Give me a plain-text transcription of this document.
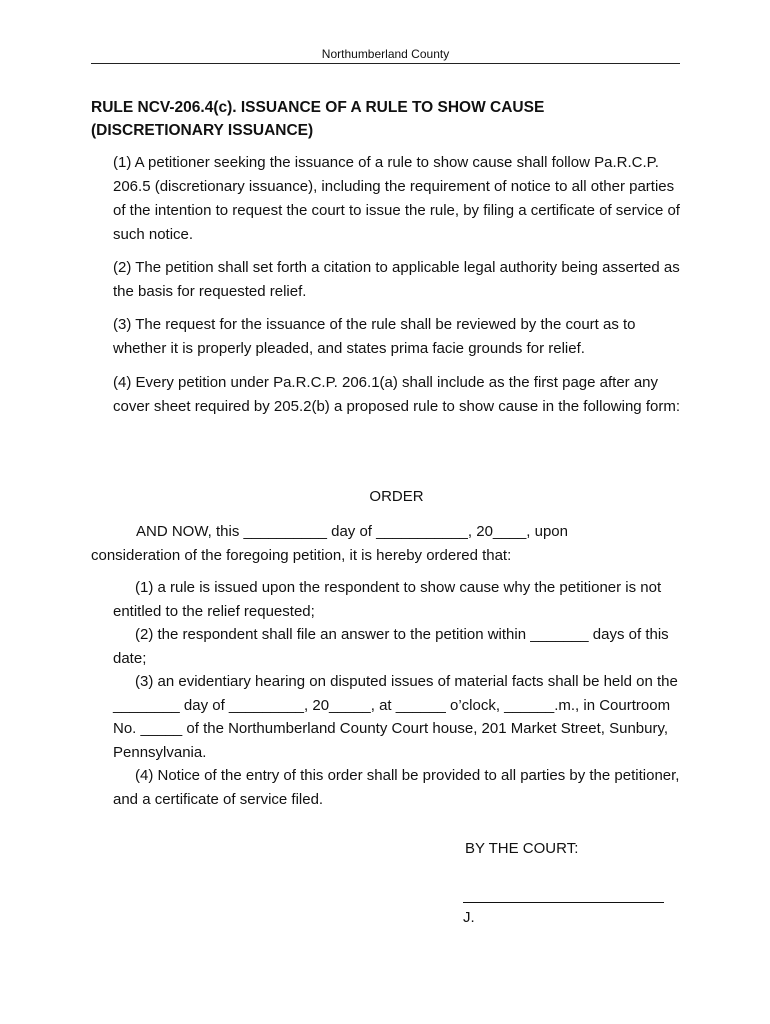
Northumberland County
RULE NCV-206.4(c). ISSUANCE OF A RULE TO SHOW CAUSE (DISCRETIONARY ISSUANCE)
(1) A petitioner seeking the issuance of a rule to show cause shall follow Pa.R.C.P. 206.5 (discretionary issuance), including the requirement of notice to all other parties of the intention to request the court to issue the rule, by filing a certificate of service of such notice.
(2) The petition shall set forth a citation to applicable legal authority being asserted as the basis for requested relief.
(3) The request for the issuance of the rule shall be reviewed by the court as to whether it is properly pleaded, and states prima facie grounds for relief.
(4) Every petition under Pa.R.C.P. 206.1(a) shall include as the first page after any cover sheet required by 205.2(b) a proposed rule to show cause in the following form:
ORDER
AND NOW, this __________ day of ___________, 20____, upon
consideration of the foregoing petition, it is hereby ordered that:
(1) a rule is issued upon the respondent to show cause why the petitioner is not entitled to the relief requested;
(2) the respondent shall file an answer to the petition within _______ days of this date;
(3) an evidentiary hearing on disputed issues of material facts shall be held on the ________ day of _________, 20_____, at ______ o’clock, ______.m., in Courtroom No. _____ of the Northumberland County Court house, 201 Market Street, Sunbury, Pennsylvania.
(4) Notice of the entry of this order shall be provided to all parties by the petitioner, and a certificate of service filed.
BY THE COURT:
J.
